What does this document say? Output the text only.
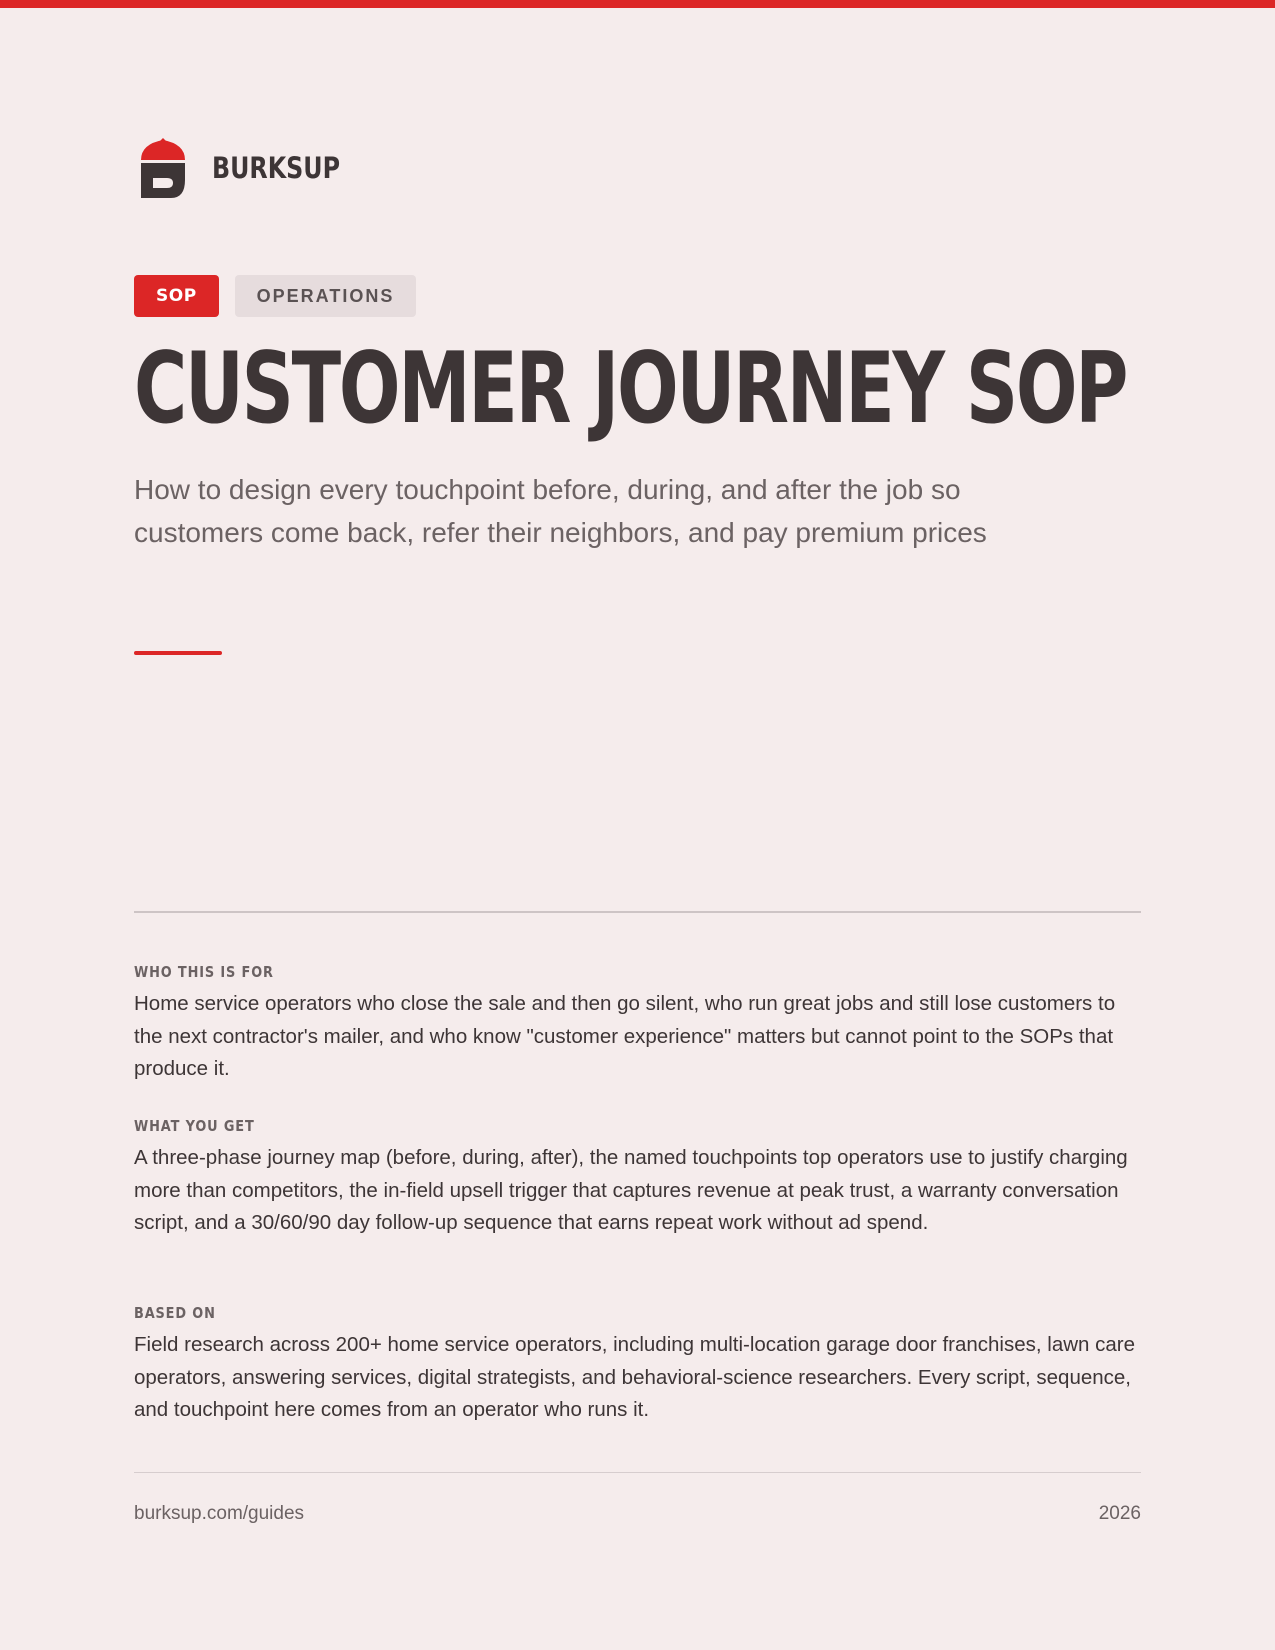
BURKSUP
SOP	OPERATIONS
CUSTOMER JOURNEY SOP

How to design every touchpoint before, during, and after the job so customers come back, refer their neighbors, and pay premium prices

WHO THIS IS FOR

Home service operators who close the sale and then go silent, who run great jobs and still lose customers to the next contractor's mailer, and who know "customer experience" matters but cannot point to the SOPs that produce it.

WHAT YOU GET

A three-phase journey map (before, during, after), the named touchpoints top operators use to justify charging more than competitors, the in-field upsell trigger that captures revenue at peak trust, a warranty conversation script, and a 30/60/90 day follow-up sequence that earns repeat work without ad spend.

BASED ON

Field research across 200+ home service operators, including multi-location garage door franchises, lawn care operators, answering services, digital strategists, and behavioral-science researchers. Every script, sequence, and touchpoint here comes from an operator who runs it.

burksup.com/guides	2026
